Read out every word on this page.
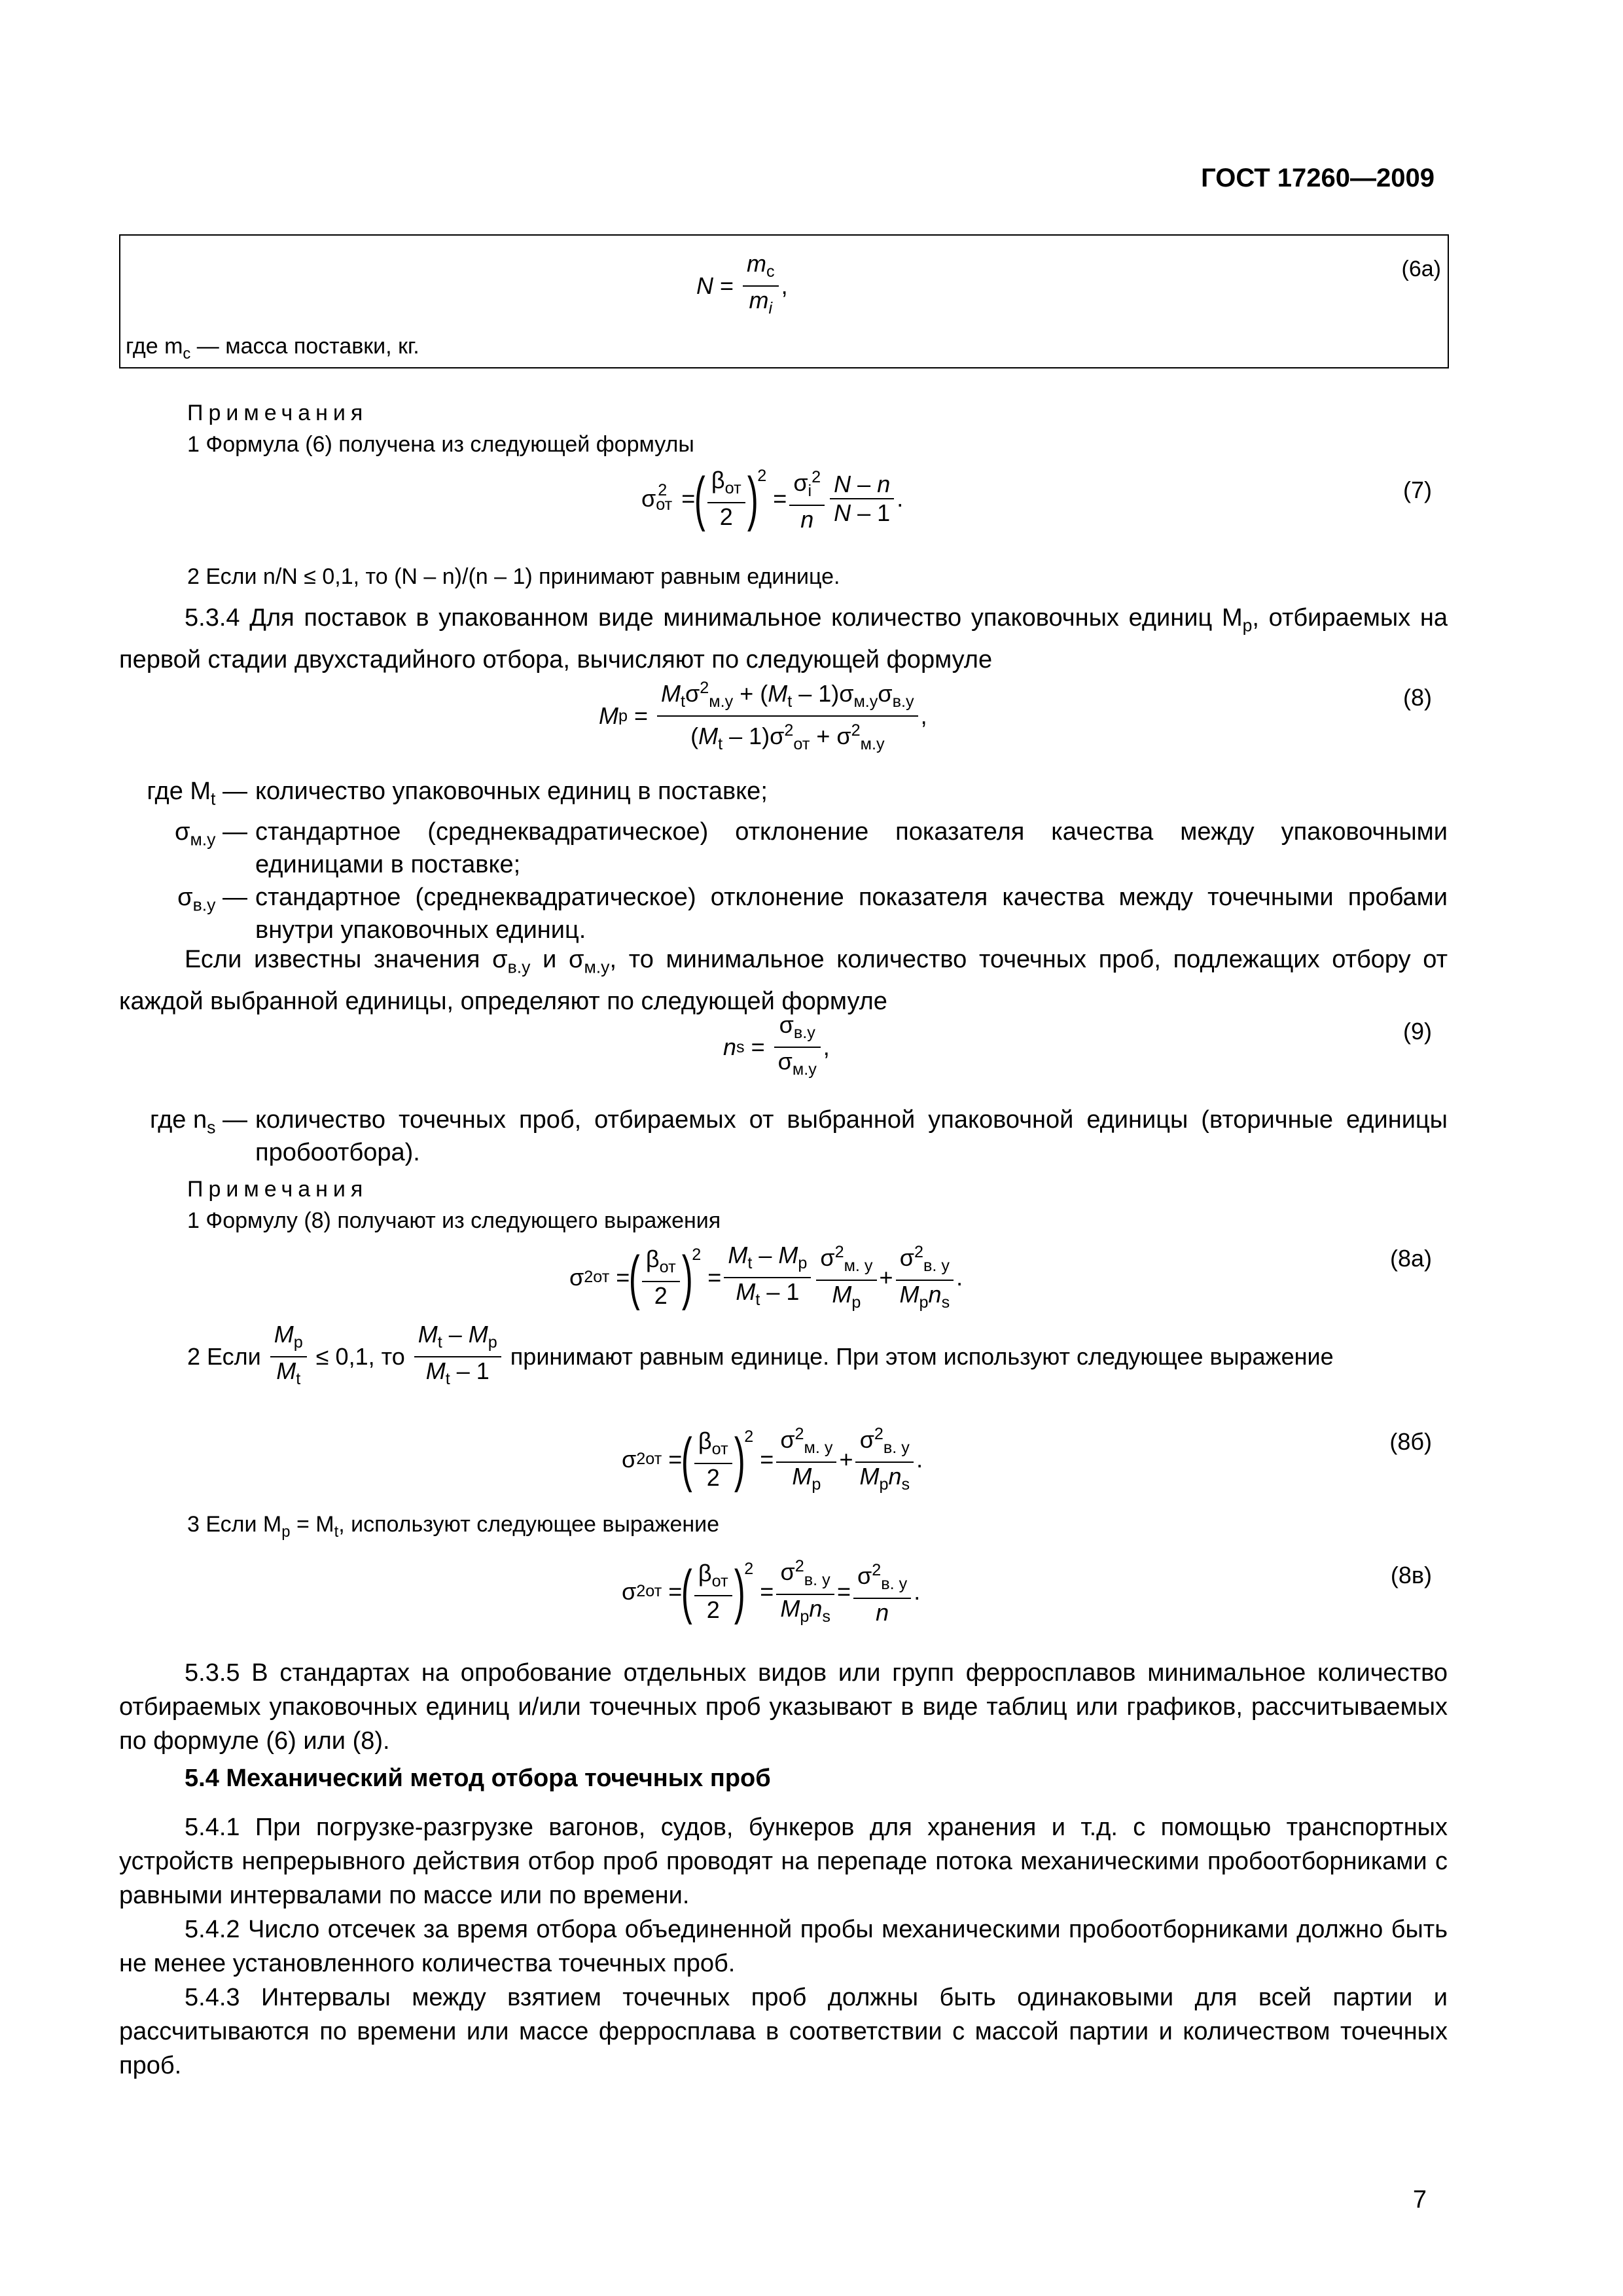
ГОСТ 17260—2009
$N = \frac{m_с}{m_i}$ ,
(6а)
где $m_с$ — масса поставки, кг.
Примечания
1 Формула (6) получена из следующей формулы
$\sigma_{от}$
$^2$ =
( $\frac{\beta_{от}}{2}$ )
$^2$
= $\frac{\sigma_i^2}{n} \frac{N - n}{N - 1}$ .	(7)
2 Если n/N ≤ 0,1, то (N – n)/(n – 1) принимают равным единице.
5.3.4 Для поставок в упакованном виде минимальное количество упаковочных единиц $M_р$, отбираемых на первой стадии двухстадийного отбора, вычисляют по следующей формуле
M $р = \frac{M_t\sigma^2_{м.у} + (M_t - 1)\sigma_{м.у}\sigma_{в.у}}{(M_t - 1)\sigma^2_{от} + \sigma^2_{м.у}}$ ,
(8)
где $M_t$ — количество упаковочных единиц в поставке;
$\sigma_{м.у}$ — стандартное (среднеквадратическое) отклонение показателя качества между упаковочными единицами в поставке;
$\sigma_{в.у}$ — стандартное (среднеквадратическое) отклонение показателя качества между точечными пробами внутри упаковочных единиц.
Если известны значения $\sigma_{в.у}$ и $\sigma_{м.у}$, то минимальное количество точечных проб, подлежащих отбору от каждой выбранной единицы, определяют по следующей формуле
n $s = \frac{\sigma_{в.у}}{\sigma_{м.у}}$ ,
(9)
где $n_s$ — количество точечных проб, отбираемых от выбранной упаковочной единицы (вторичные единицы пробоотбора).
Примечания
1 Формулу (8) получают из следующего выражения
σ 2 от =
( $\frac{\beta_{от}}{2}$ )
$^2$
= $\frac{M_t - M_р}{M_t - 1} \frac{\sigma^2_{м. у}}{M_р} + \frac{\sigma^2_{в. у}}{M_рn_s}$ .
(8а)
2 Если
$\frac{M_р}{M_t}$
≤ 0,1, то
$\frac{M_t - M_р}{M_t - 1}$
принимают равным единице. При этом используют следующее выражение
σ 2 от =
( $\frac{\beta_{от}}{2}$ )
$^2$
= $\frac{\sigma^2_{м. у}}{M_р} + \frac{\sigma^2_{в. у}}{M_рn_s}$ .
(8б)
3 Если $M_р = M_t$, используют следующее выражение
σ 2 от =
( $\frac{\beta_{от}}{2}$ )
$^2$
= $\frac{\sigma^2_{в. у}}{M_рn_s} = \frac{\sigma^2_{в. у}}{n}$ .
(8в)
5.3.5 В стандартах на опробование отдельных видов или групп ферросплавов минимальное количество отбираемых упаковочных единиц и/или точечных проб указывают в виде таблиц или графиков, рассчитываемых по формуле (6) или (8).
5.4 Механический метод отбора точечных проб
5.4.1 При погрузке-разгрузке вагонов, судов, бункеров для хранения и т.д. с помощью транспортных устройств непрерывного действия отбор проб проводят на перепаде потока механическими пробоотборниками с равными интервалами по массе или по времени.
5.4.2 Число отсечек за время отбора объединенной пробы механическими пробоотборниками должно быть не менее установленного количества точечных проб.
5.4.3 Интервалы между взятием точечных проб должны быть одинаковыми для всей партии и рассчитываются по времени или массе ферросплава в соответствии с массой партии и количеством точечных проб.
7
